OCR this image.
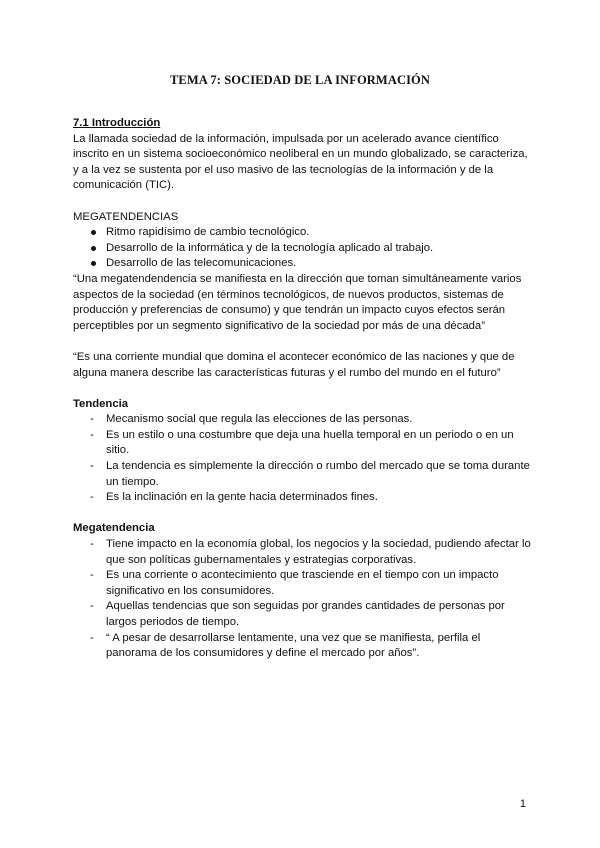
TEMA 7: SOCIEDAD DE LA INFORMACIÓN
7.1 Introducción

La llamada sociedad de la información, impulsada por un acelerado avance científico inscrito en un sistema socioeconómico neoliberal en un mundo globalizado, se caracteriza, y a la vez se sustenta por el uso masivo de las tecnologías de la información y de la comunicación (TIC).

MEGATENDENCIAS
Ritmo rapidísimo de cambio tecnológico.
Desarrollo de la informática y de la tecnología aplicado al trabajo.
Desarrollo de las telecomunicaciones.

“Una megatendendencia se manifiesta en la dirección que toman simultáneamente varios aspectos de la sociedad (en términos tecnológicos, de nuevos productos, sistemas de producción y preferencias de consumo) y que tendrán un impacto cuyos efectos serán perceptibles por un segmento significativo de la sociedad por más de una década”

“Es una corriente mundial que domina el acontecer económico de las naciones y que de alguna manera describe las características futuras y el rumbo del mundo en el futuro”

Tendencia
- Mecanismo social que regula las elecciones de las personas.
- Es un estilo o una costumbre que deja una huella temporal en un periodo o en un sitio.
- La tendencia es simplemente la dirección o rumbo del mercado que se toma durante un tiempo.
- Es la inclinación en la gente hacia determinados fines.
Megatendencia
- Tiene impacto en la economía global, los negocios y la sociedad, pudiendo afectar lo que son políticas gubernamentales y estrategias corporativas.
- Es una corriente o acontecimiento que trasciende en el tiempo con un impacto significativo en los consumidores.
- Aquellas tendencias que son seguidas por grandes cantidades de personas por largos periodos de tiempo.
- “ A pesar de desarrollarse lentamente, una vez que se manifiesta, perfila el panorama de los consumidores y define el mercado por años”.
1
